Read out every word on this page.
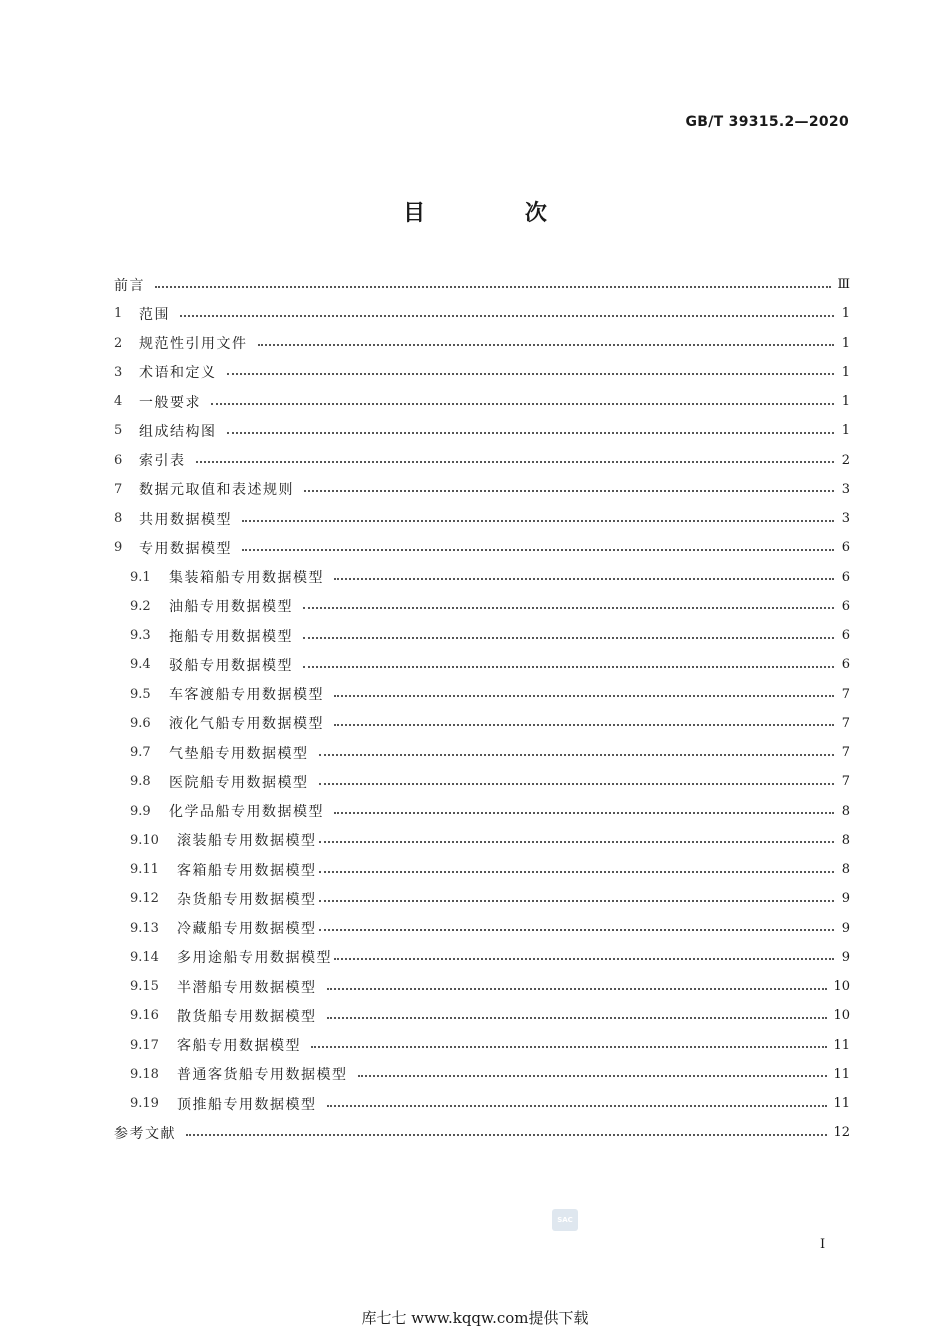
GB/T 39315.2—2020
目 次
前言	Ⅲ
1	范围	1
2	规范性引用文件	1
3	术语和定义	1
4	一般要求	1
5	组成结构图	1
6	索引表	2
7	数据元取值和表述规则	3
8	共用数据模型	3
9	专用数据模型	6
9.1	集装箱船专用数据模型	6
9.2	油船专用数据模型	6
9.3	拖船专用数据模型	6
9.4	驳船专用数据模型	6
9.5	车客渡船专用数据模型	7
9.6	液化气船专用数据模型	7
9.7	气垫船专用数据模型	7
9.8	医院船专用数据模型	7
9.9	化学品船专用数据模型	8
9.10	滚装船专用数据模型	8
9.11	客箱船专用数据模型	8
9.12	杂货船专用数据模型	9
9.13	冷藏船专用数据模型	9
9.14	多用途船专用数据模型	9
9.15	半潜船专用数据模型	10
9.16	散货船专用数据模型	10
9.17	客船专用数据模型	11
9.18	普通客货船专用数据模型	11
9.19	顶推船专用数据模型	11
参考文献	12
SAC
I
库七七 www.kqqw.com提供下载
